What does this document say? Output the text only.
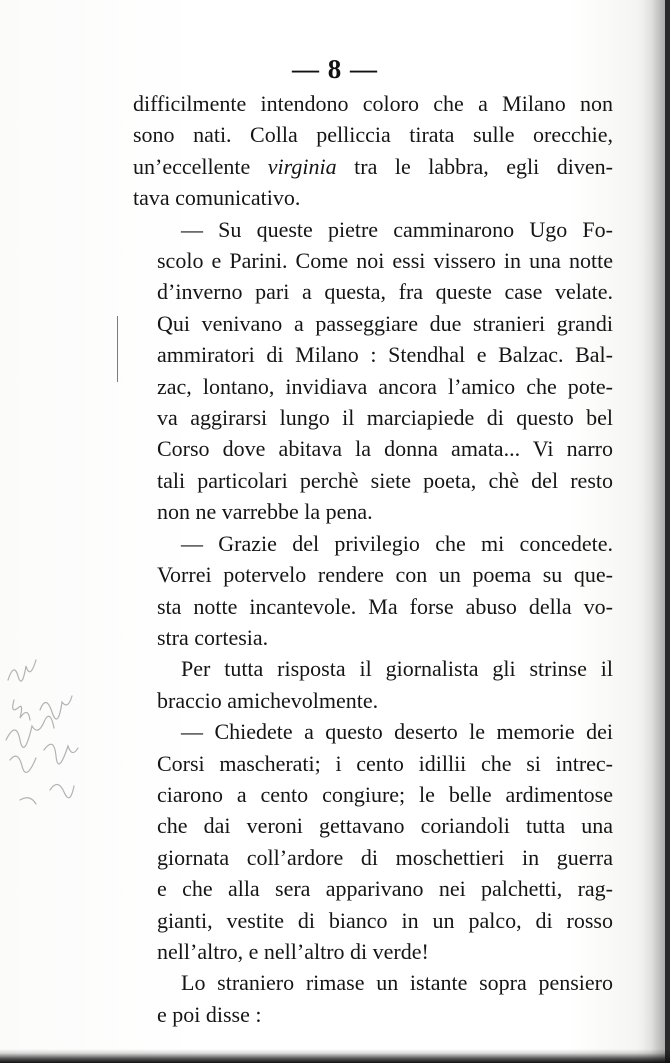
— 8 —
difficilmente intendono coloro che a Milano non
sono nati. Colla pelliccia tirata sulle orecchie,
un’eccellente virginia tra le labbra, egli diven-
tava comunicativo.
— Su queste pietre camminarono Ugo Fo-
scolo e Parini. Come noi essi vissero in una notte
d’inverno pari a questa, fra queste case velate.
Qui venivano a passeggiare due stranieri grandi
ammiratori di Milano : Stendhal e Balzac. Bal-
zac, lontano, invidiava ancora l’amico che pote-
va aggirarsi lungo il marciapiede di questo bel
Corso dove abitava la donna amata... Vi narro
tali particolari perchè siete poeta, chè del resto
non ne varrebbe la pena.
— Grazie del privilegio che mi concedete.
Vorrei potervelo rendere con un poema su que-
sta notte incantevole. Ma forse abuso della vo-
stra cortesia.
Per tutta risposta il giornalista gli strinse il
braccio amichevolmente.
— Chiedete a questo deserto le memorie dei
Corsi mascherati; i cento idillii che si intrec-
ciarono a cento congiure; le belle ardimentose
che dai veroni gettavano coriandoli tutta una
giornata coll’ardore di moschettieri in guerra
e che alla sera apparivano nei palchetti, rag-
gianti, vestite di bianco in un palco, di rosso
nell’altro, e nell’altro di verde!
Lo straniero rimase un istante sopra pensiero
e poi disse :
